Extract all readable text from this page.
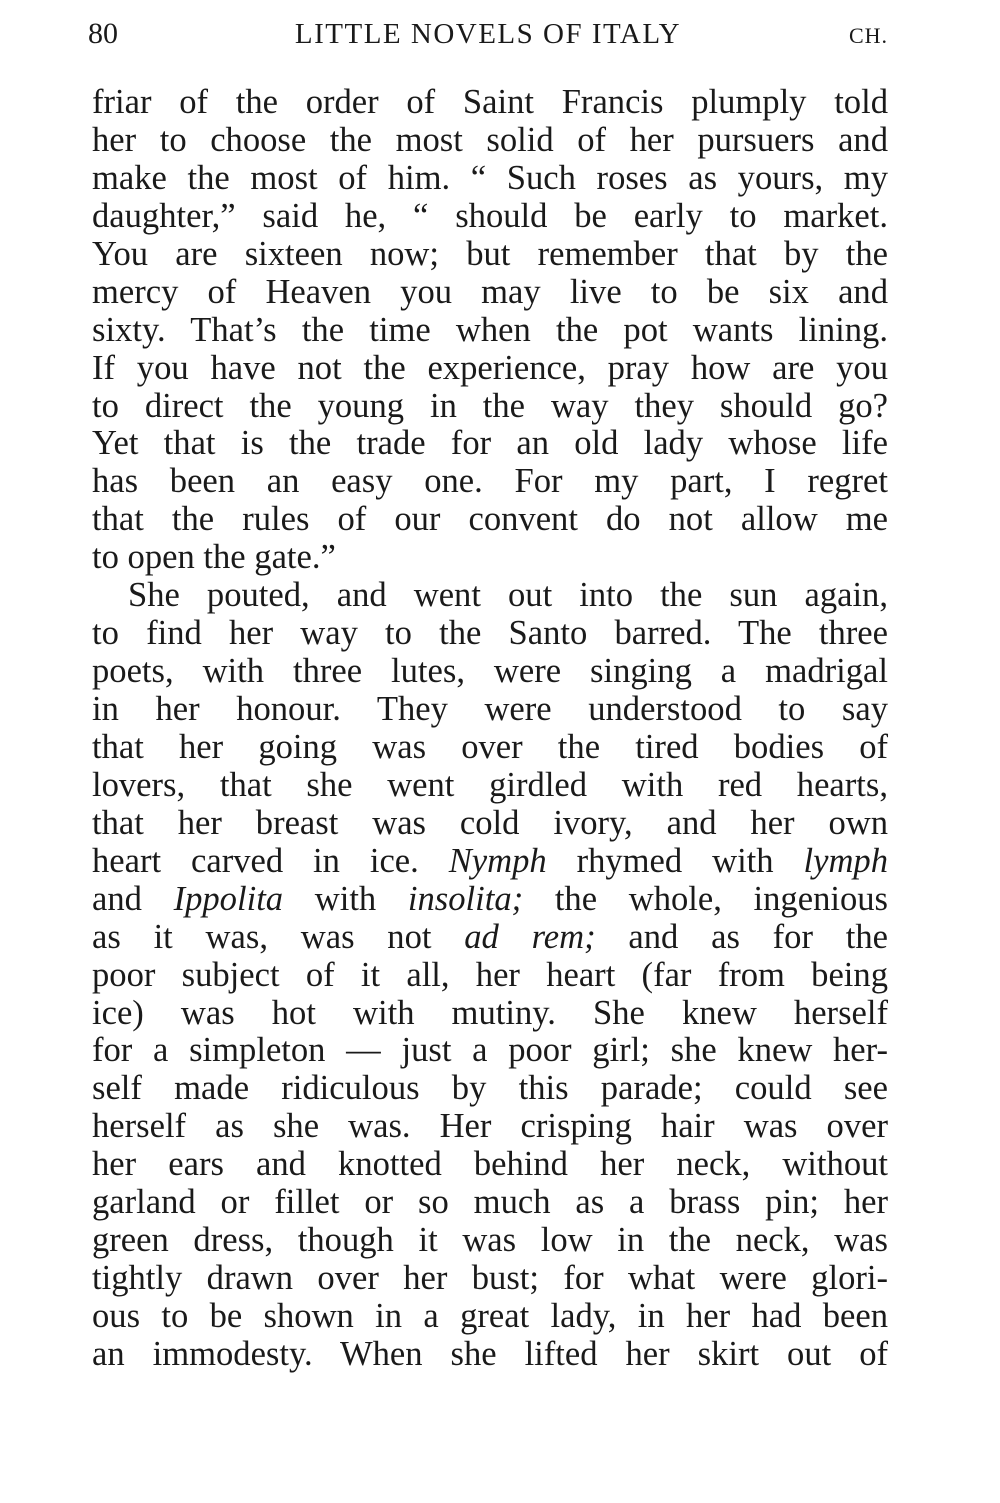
80	LITTLE NOVELS OF ITALY	CH.
friar of the order of Saint Francis plumply told
her to choose the most solid of her pursuers and
make the most of him. “ Such roses as yours, my
daughter,” said he, “ should be early to market.
You are sixteen now; but remember that by the
mercy of Heaven you may live to be six and
sixty. That’s the time when the pot wants lining.
If you have not the experience, pray how are you
to direct the young in the way they should go?
Yet that is the trade for an old lady whose life
has been an easy one. For my part, I regret
that the rules of our convent do not allow me
to open the gate.”
She pouted, and went out into the sun again,
to find her way to the Santo barred. The three
poets, with three lutes, were singing a madrigal
in her honour. They were understood to say
that her going was over the tired bodies of
lovers, that she went girdled with red hearts,
that her breast was cold ivory, and her own
heart carved in ice. Nymph rhymed with lymph
and Ippolita with insolita; the whole, ingenious
as it was, was not ad rem; and as for the
poor subject of it all, her heart (far from being
ice) was hot with mutiny. She knew herself
for a simpleton — just a poor girl; she knew her-
self made ridiculous by this parade; could see
herself as she was. Her crisping hair was over
her ears and knotted behind her neck, without
garland or fillet or so much as a brass pin; her
green dress, though it was low in the neck, was
tightly drawn over her bust; for what were glori-
ous to be shown in a great lady, in her had been
an immodesty. When she lifted her skirt out of
